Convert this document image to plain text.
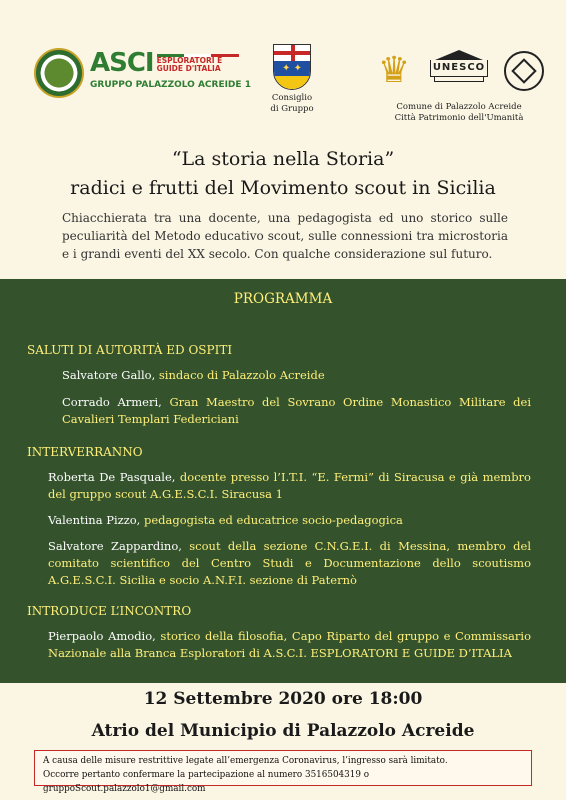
ASCI ESPLORATORI E
GUIDE D'ITALIA
GRUPPO PALAZZOLO ACREIDE 1
✦ ✦
Consiglio
di Gruppo
♛	UNESCO
Comune di Palazzolo Acreide
Città Patrimonio dell'Umanità
“La storia nella Storia”
radici e frutti del Movimento scout in Sicilia
Chiacchierata tra una docente, una pedagogista ed uno storico sulle peculiarità del Metodo educativo scout, sulle connessioni tra microstoria e i grandi eventi del XX secolo. Con qualche considerazione sul futuro.
PROGRAMMA
SALUTI DI AUTORITÀ ED OSPITI
Salvatore Gallo, sindaco di Palazzolo Acreide
Corrado Armeri, Gran Maestro del Sovrano Ordine Monastico Militare dei Cavalieri Templari Federiciani
INTERVERRANNO
Roberta De Pasquale, docente presso l’I.T.I. “E. Fermi” di Siracusa e già membro del gruppo scout A.G.E.S.C.I. Siracusa 1
Valentina Pizzo, pedagogista ed educatrice socio-pedagogica
Salvatore Zappardino, scout della sezione C.N.G.E.I. di Messina, membro del comitato scientifico del Centro Studi e Documentazione dello scoutismo A.G.E.S.C.I. Sicilia e socio A.N.F.I. sezione di Paternò
INTRODUCE L’INCONTRO
Pierpaolo Amodio, storico della filosofia, Capo Riparto del gruppo e Commissario Nazionale alla Branca Esploratori di A.S.C.I. ESPLORATORI E GUIDE D’ITALIA
12 Settembre 2020 ore 18:00
Atrio del Municipio di Palazzolo Acreide
A causa delle misure restrittive legate all’emergenza Coronavirus, l’ingresso sarà limitato.
Occorre pertanto confermare la partecipazione al numero 3516504319 o gruppoScout.palazzolo1@gmail.com
